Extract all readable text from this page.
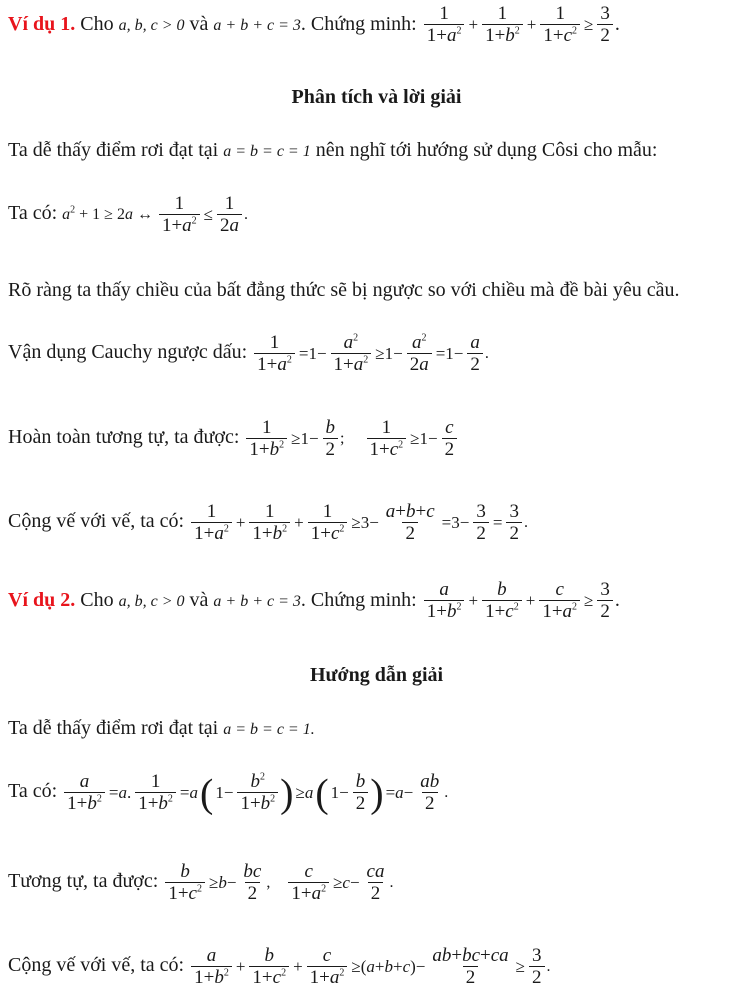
Ví dụ 1. Cho a, b, c > 0 và a + b + c = 3. Chứng minh: $\frac{1}{1+a^2} + \frac{1}{1+b^2} + \frac{1}{1+c^2} \ge \frac{3}{2}$ .
Phân tích và lời giải
Ta dễ thấy điểm rơi đạt tại a = b = c = 1 nên nghĩ tới hướng sử dụng Côsi cho mẫu:
Ta có: $a^2 + 1 \ge 2a$ ↔ $\frac{1}{1+a^2} \le \frac{1}{2a}$ .
Rõ ràng ta thấy chiều của bất đẳng thức sẽ bị ngược so với chiều mà đề bài yêu cầu.
Vận dụng Cauchy ngược dấu: $\frac{1}{1+a^2} =1- \frac{a^2}{1+a^2} \ge 1- \frac{a^2}{2a} =1- \frac{a}{2}$ .
Hoàn toàn tương tự, ta được: $\frac{1}{1+b^2} \ge 1- \frac{b}{2}$ ; $\frac{1}{1+c^2} \ge 1- \frac{c}{2}$
Cộng vế với vế, ta có: $\frac{1}{1+a^2} + \frac{1}{1+b^2} + \frac{1}{1+c^2} \ge 3- \frac{a+b+c}{2} =3- \frac{3}{2} = \frac{3}{2}$ .
Ví dụ 2. Cho a, b, c > 0 và a + b + c = 3. Chứng minh: $\frac{a}{1+b^2} + \frac{b}{1+c^2} + \frac{c}{1+a^2} \ge \frac{3}{2}$ .
Hướng dẫn giải
Ta dễ thấy điểm rơi đạt tại a = b = c = 1.
Ta có: $\frac{a}{1+b^2} =a$. $\frac{1}{1+b^2} =a$( $1- \frac{b^2}{1+b^2}$ ) ≥a( $1- \frac{b}{2}$ ) $=a- \frac{ab}{2}$ .
Tương tự, ta được: $\frac{b}{1+c^2} \ge b- \frac{bc}{2}$ , $\frac{c}{1+a^2} \ge c- \frac{ca}{2}$ .
Cộng vế với vế, ta có: $\frac{a}{1+b^2} + \frac{b}{1+c^2} + \frac{c}{1+a^2} \ge(a+b+c)- \frac{ab+bc+ca}{2} \ge \frac{3}{2}$ .
